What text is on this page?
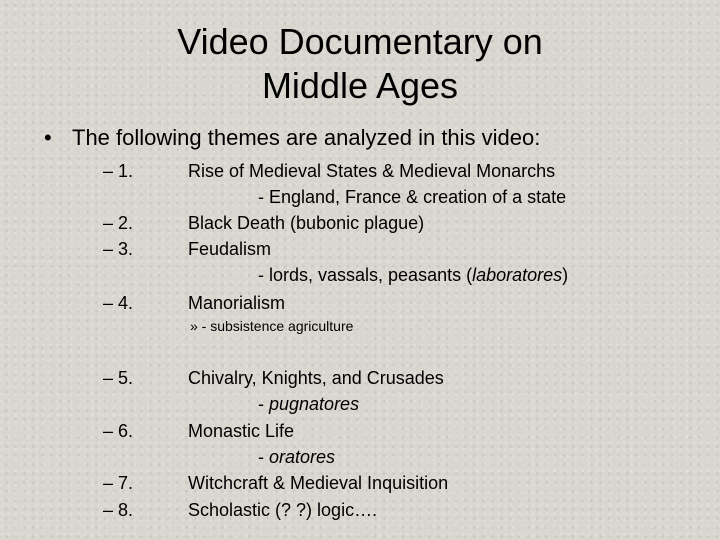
Video Documentary on
Middle Ages
• The following themes are analyzed in this video:
– 1.	Rise of Medieval States & Medieval Monarchs
- England, France & creation of a state
– 2.	Black Death (bubonic plague)
– 3.	Feudalism
- lords, vassals, peasants (laboratores)
– 4.	Manorialism
» - subsistence agriculture
– 5.	Chivalry, Knights, and Crusades
- pugnatores
– 6.	Monastic Life
- oratores
– 7.	Witchcraft & Medieval Inquisition
– 8.	Scholastic (? ?) logic….
